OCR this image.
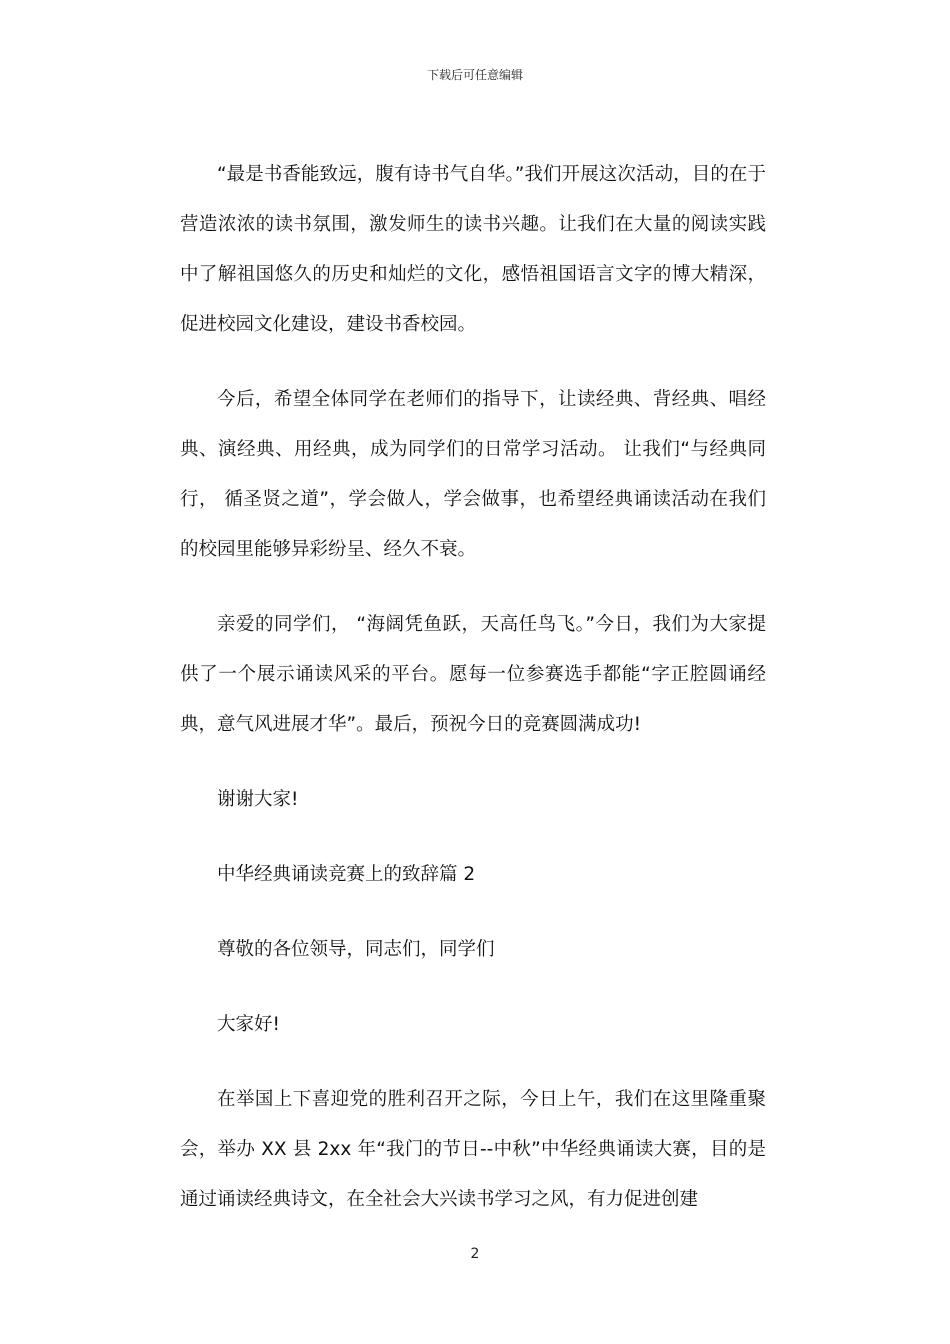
下载后可任意编辑

“最是书香能致远，腹有诗书气自华。”我们开展这次活动，目的在于营造浓浓的读书氛围，激发师生的读书兴趣。让我们在大量的阅读实践中了解祖国悠久的历史和灿烂的文化，感悟祖国语言文字的博大精深，促进校园文化建设，建设书香校园。

今后，希望全体同学在老师们的指导下，让读经典、背经典、唱经典、演经典、用经典，成为同学们的日常学习活动。 让我们“与经典同行， 循圣贤之道”，学会做人，学会做事，也希望经典诵读活动在我们的校园里能够异彩纷呈、经久不衰。

亲爱的同学们， “海阔凭鱼跃，天高任鸟飞。”今日，我们为大家提供了一个展示诵读风采的平台。愿每一位参赛选手都能“字正腔圆诵经典，意气风进展才华”。最后，预祝今日的竞赛圆满成功!

谢谢大家!

中华经典诵读竞赛上的致辞篇 2

尊敬的各位领导，同志们，同学们

大家好!

在举国上下喜迎党的胜利召开之际，今日上午，我们在这里隆重聚会，举办 XX 县 2xx 年“我门的节日--中秋”中华经典诵读大赛，目的是通过诵读经典诗文，在全社会大兴读书学习之风，有力促进创建

2
